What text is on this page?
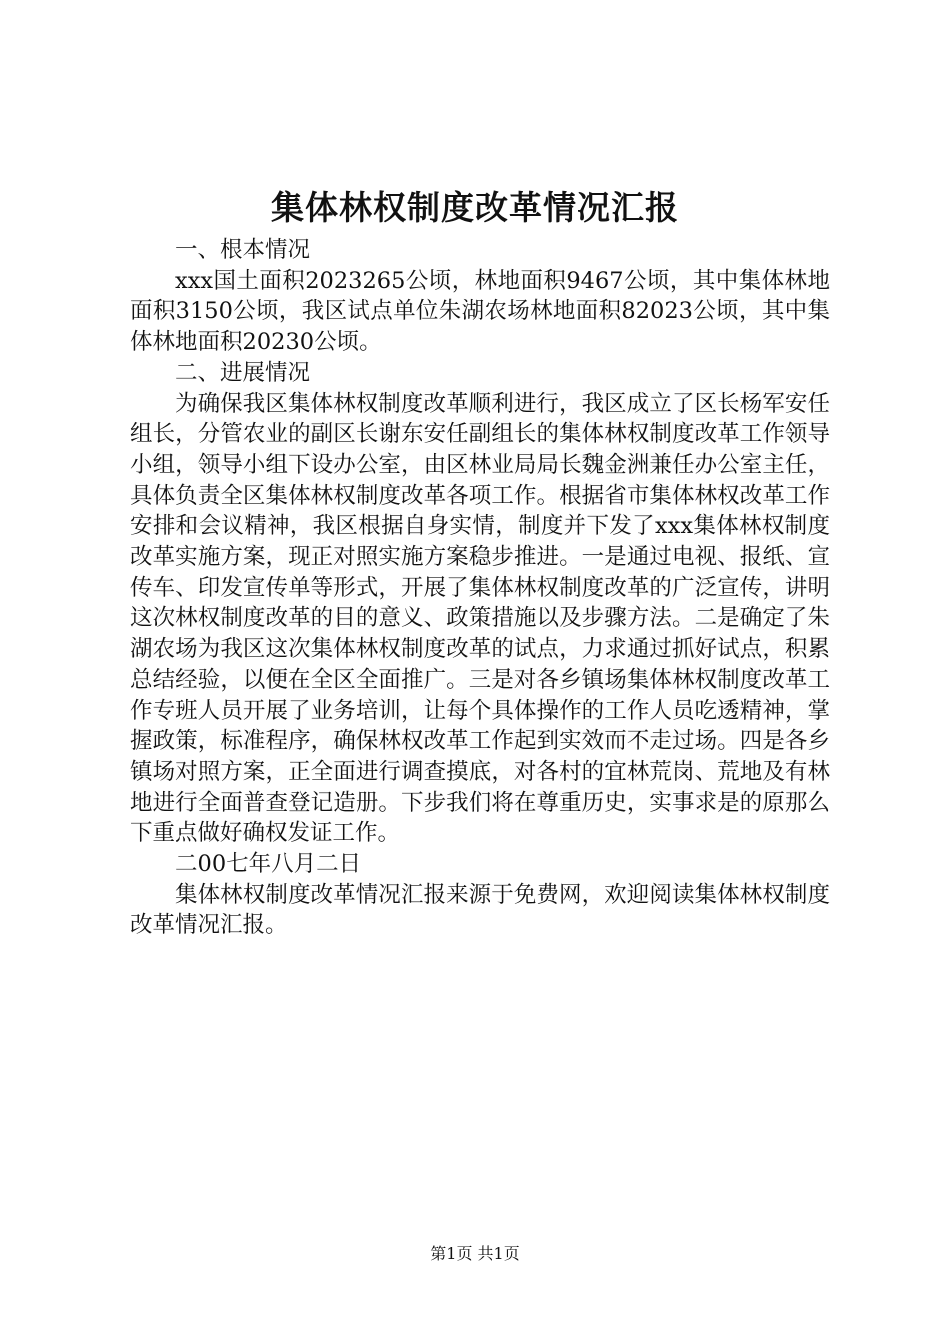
集体林权制度改革情况汇报

一、根本情况

xxx国土面积2023265公顷，林地面积9467公顷，其中集体林地面积3150公顷，我区试点单位朱湖农场林地面积82023公顷，其中集体林地面积20230公顷。

二、进展情况

为确保我区集体林权制度改革顺利进行，我区成立了区长杨军安任组长，分管农业的副区长谢东安任副组长的集体林权制度改革工作领导小组，领导小组下设办公室，由区林业局局长魏金洲兼任办公室主任，具体负责全区集体林权制度改革各项工作。根据省市集体林权改革工作安排和会议精神，我区根据自身实情，制度并下发了xxx集体林权制度改革实施方案，现正对照实施方案稳步推进。一是通过电视、报纸、宣传车、印发宣传单等形式，开展了集体林权制度改革的广泛宣传，讲明这次林权制度改革的目的意义、政策措施以及步骤方法。二是确定了朱湖农场为我区这次集体林权制度改革的试点，力求通过抓好试点，积累总结经验，以便在全区全面推广。三是对各乡镇场集体林权制度改革工作专班人员开展了业务培训，让每个具体操作的工作人员吃透精神，掌握政策，标准程序，确保林权改革工作起到实效而不走过场。四是各乡镇场对照方案，正全面进行调查摸底，对各村的宜林荒岗、荒地及有林地进行全面普查登记造册。下步我们将在尊重历史，实事求是的原那么下重点做好确权发证工作。

二00七年八月二日

集体林权制度改革情况汇报来源于免费网，欢迎阅读集体林权制度改革情况汇报。

第1页 共1页
